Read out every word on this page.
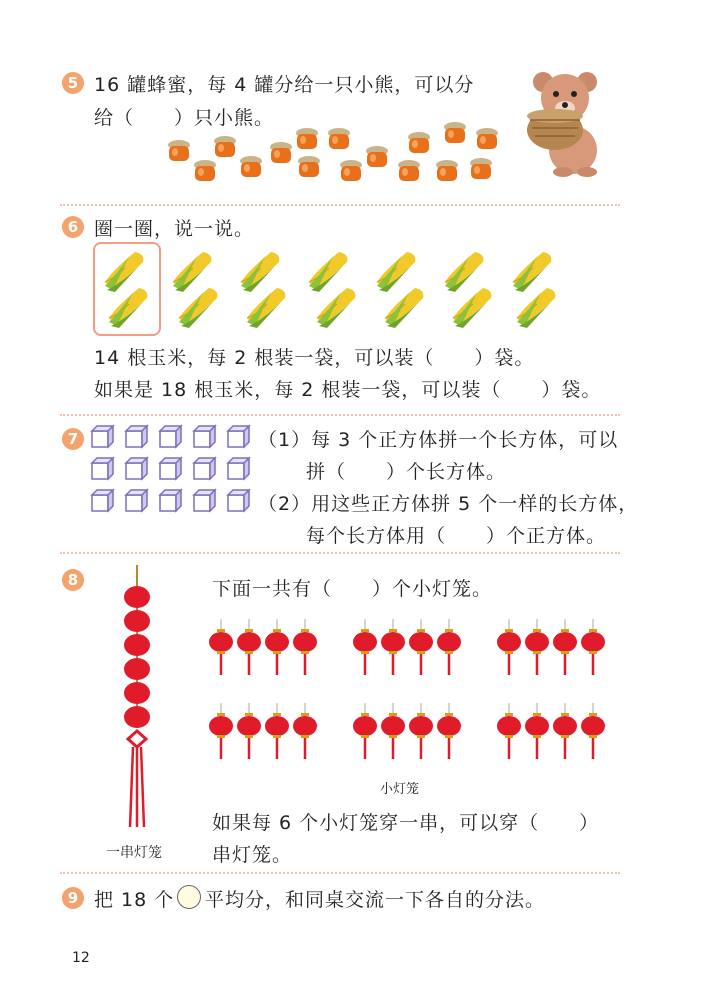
5 16 罐蜂蜜，每 4 罐分给一只小熊，可以分
给（　　）只小熊。
6 圈一圈，说一说。
14 根玉米，每 2 根装一袋，可以装（　　）袋。
如果是 18 根玉米，每 2 根装一袋，可以装（　　）袋。
7	（1）每 3 个正方体拼一个长方体，可以
拼（　　）个长方体。
（2）用这些正方体拼 5 个一样的长方体，
每个长方体用（　　）个正方体。
8	下面一共有（　　）个小灯笼。
小灯笼
一串灯笼
如果每 6 个小灯笼穿一串，可以穿（　　）
串灯笼。
9 把 18 个 平均分，和同桌交流一下各自的分法。
12
